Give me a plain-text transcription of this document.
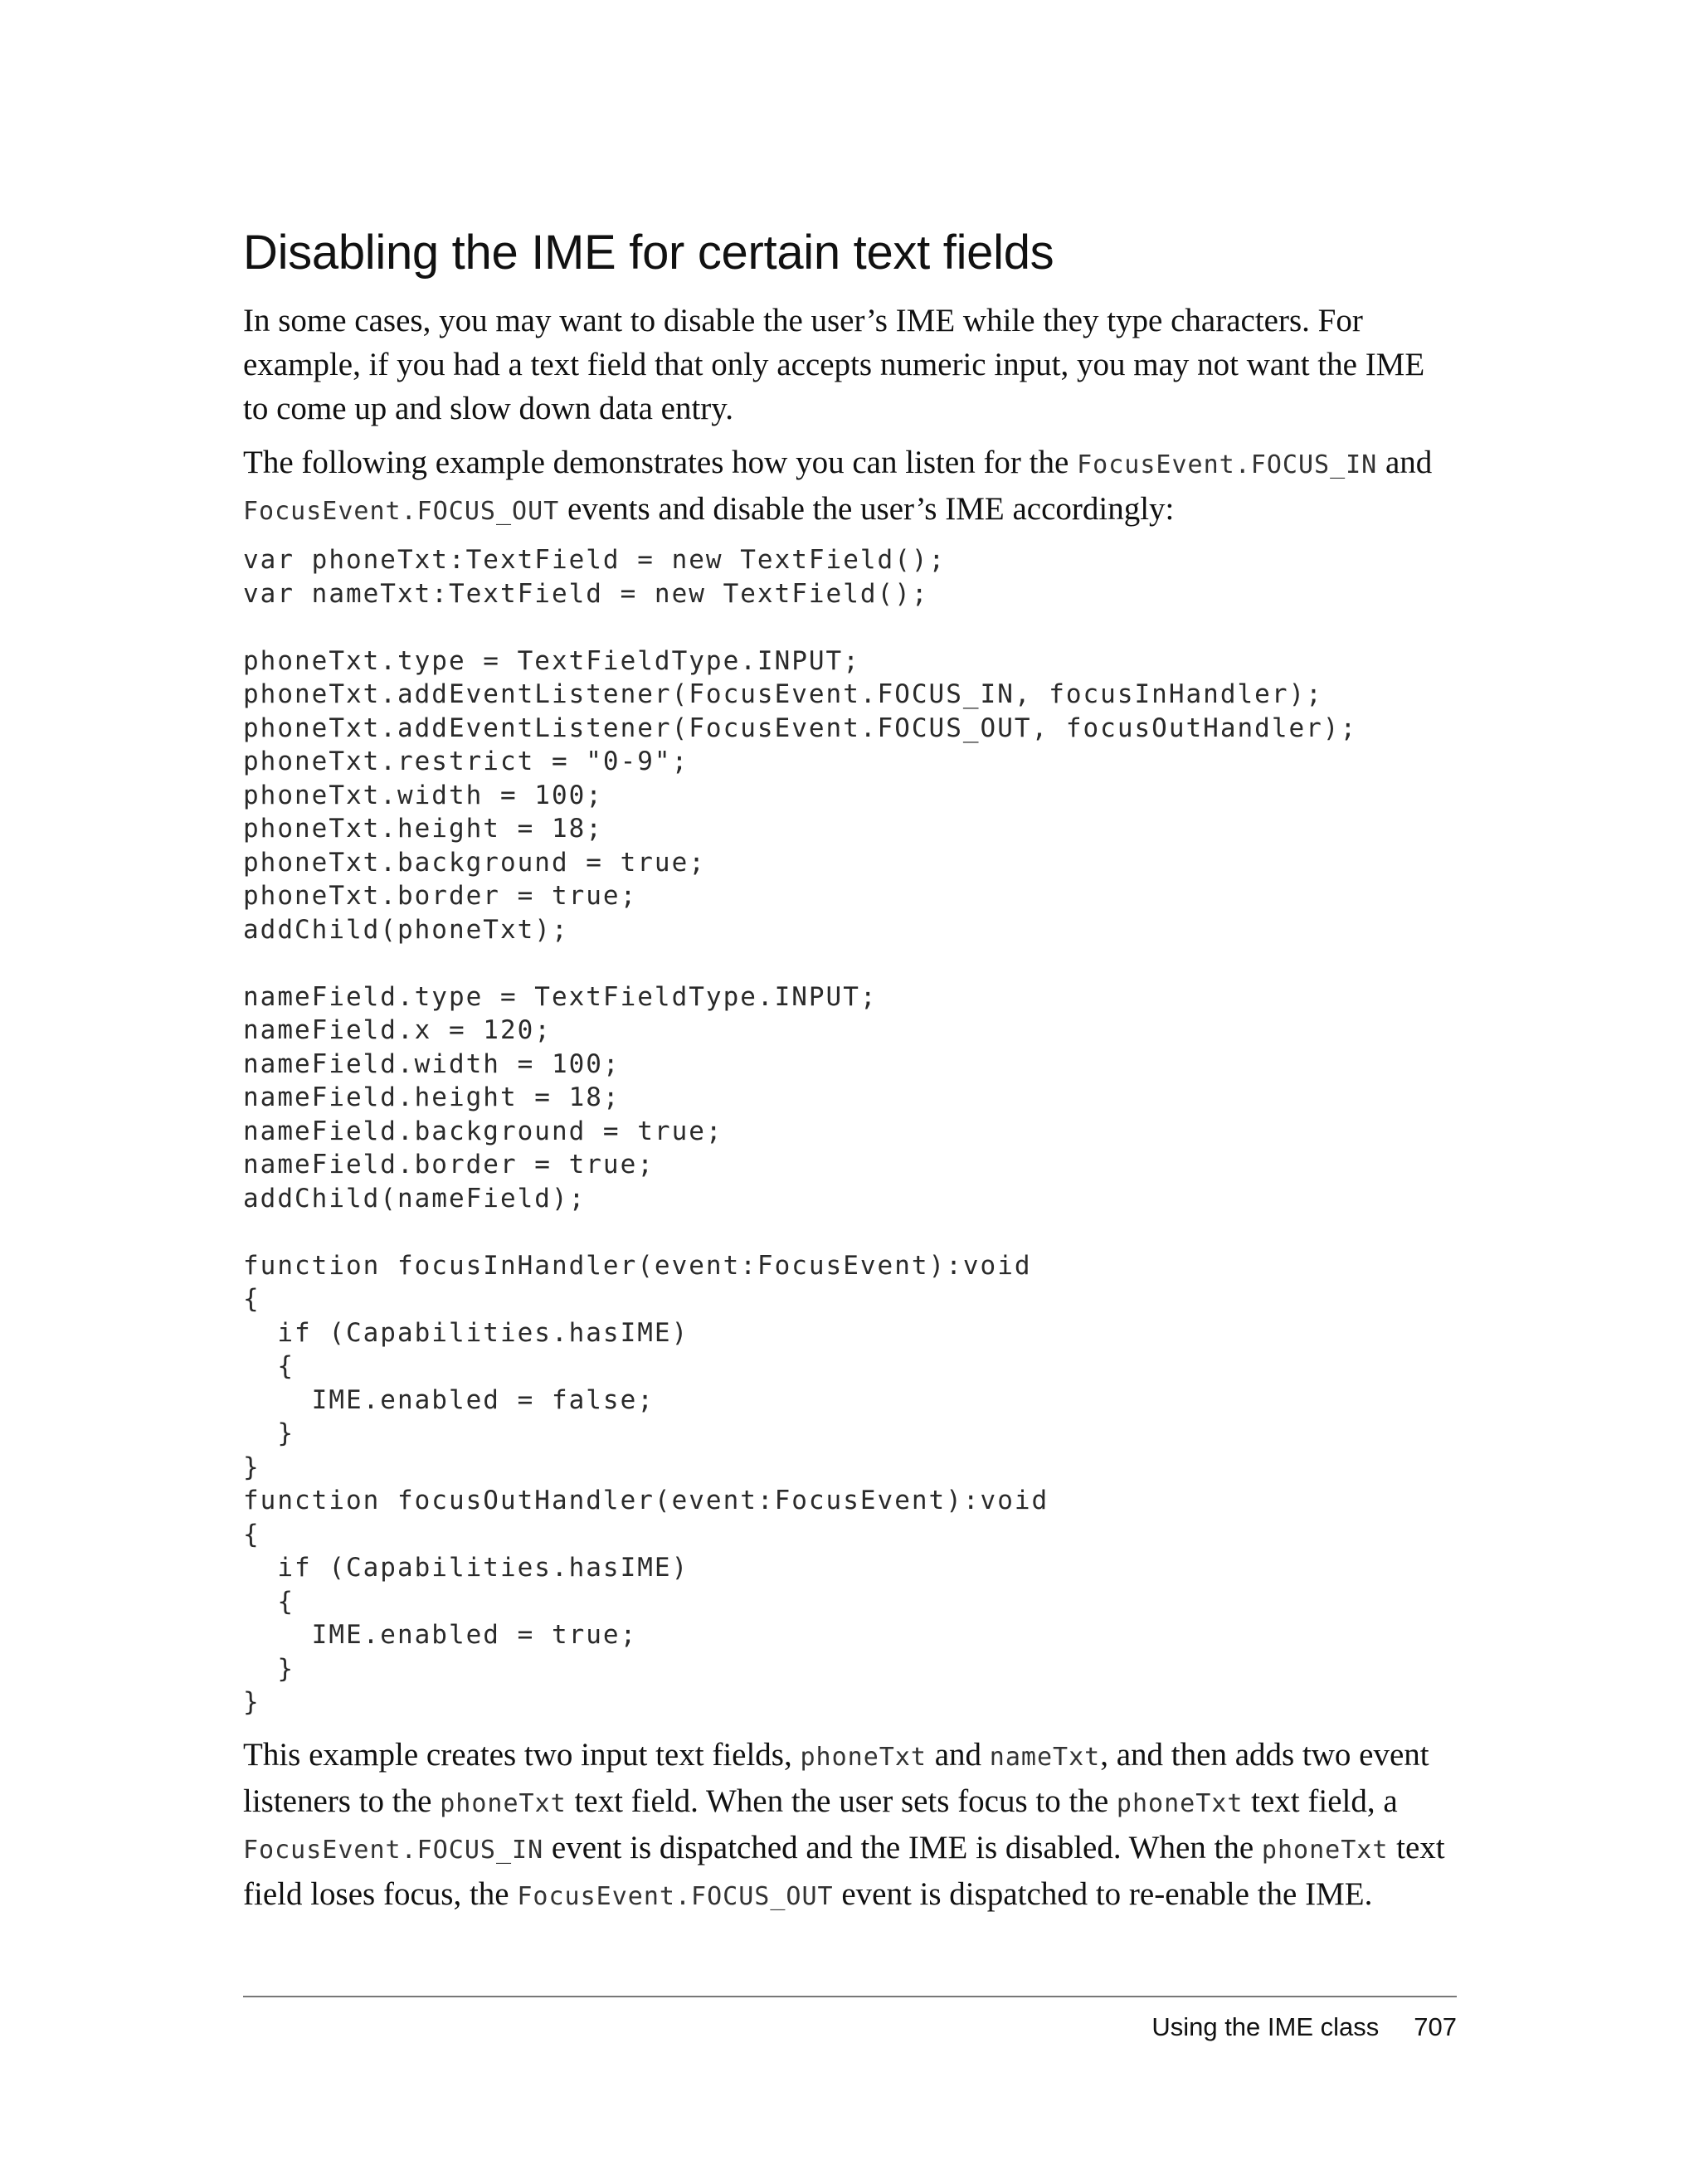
Disabling the IME for certain text fields

In some cases, you may want to disable the user’s IME while they type characters. For example, if you had a text field that only accepts numeric input, you may not want the IME to come up and slow down data entry.

The following example demonstrates how you can listen for the FocusEvent.FOCUS_IN and FocusEvent.FOCUS_OUT events and disable the user’s IME accordingly:

var phoneTxt:TextField = new TextField();
var nameTxt:TextField = new TextField();
phoneTxt.type = TextFieldType.INPUT;
phoneTxt.addEventListener(FocusEvent.FOCUS_IN, focusInHandler);
phoneTxt.addEventListener(FocusEvent.FOCUS_OUT, focusOutHandler);
phoneTxt.restrict = "0-9";
phoneTxt.width = 100;
phoneTxt.height = 18;
phoneTxt.background = true;
phoneTxt.border = true;
addChild(phoneTxt);
nameField.type = TextFieldType.INPUT;
nameField.x = 120;
nameField.width = 100;
nameField.height = 18;
nameField.background = true;
nameField.border = true;
addChild(nameField);
function focusInHandler(event:FocusEvent):void
{
if (Capabilities.hasIME)
{
IME.enabled = false;
}
}
function focusOutHandler(event:FocusEvent):void
{
if (Capabilities.hasIME)
{
IME.enabled = true;
}
}

This example creates two input text fields, phoneTxt and nameTxt, and then adds two event listeners to the phoneTxt text field. When the user sets focus to the phoneTxt text field, a FocusEvent.FOCUS_IN event is dispatched and the IME is disabled. When the phoneTxt text field loses focus, the FocusEvent.FOCUS_OUT event is dispatched to re-enable the IME.

Using the IME class 707
